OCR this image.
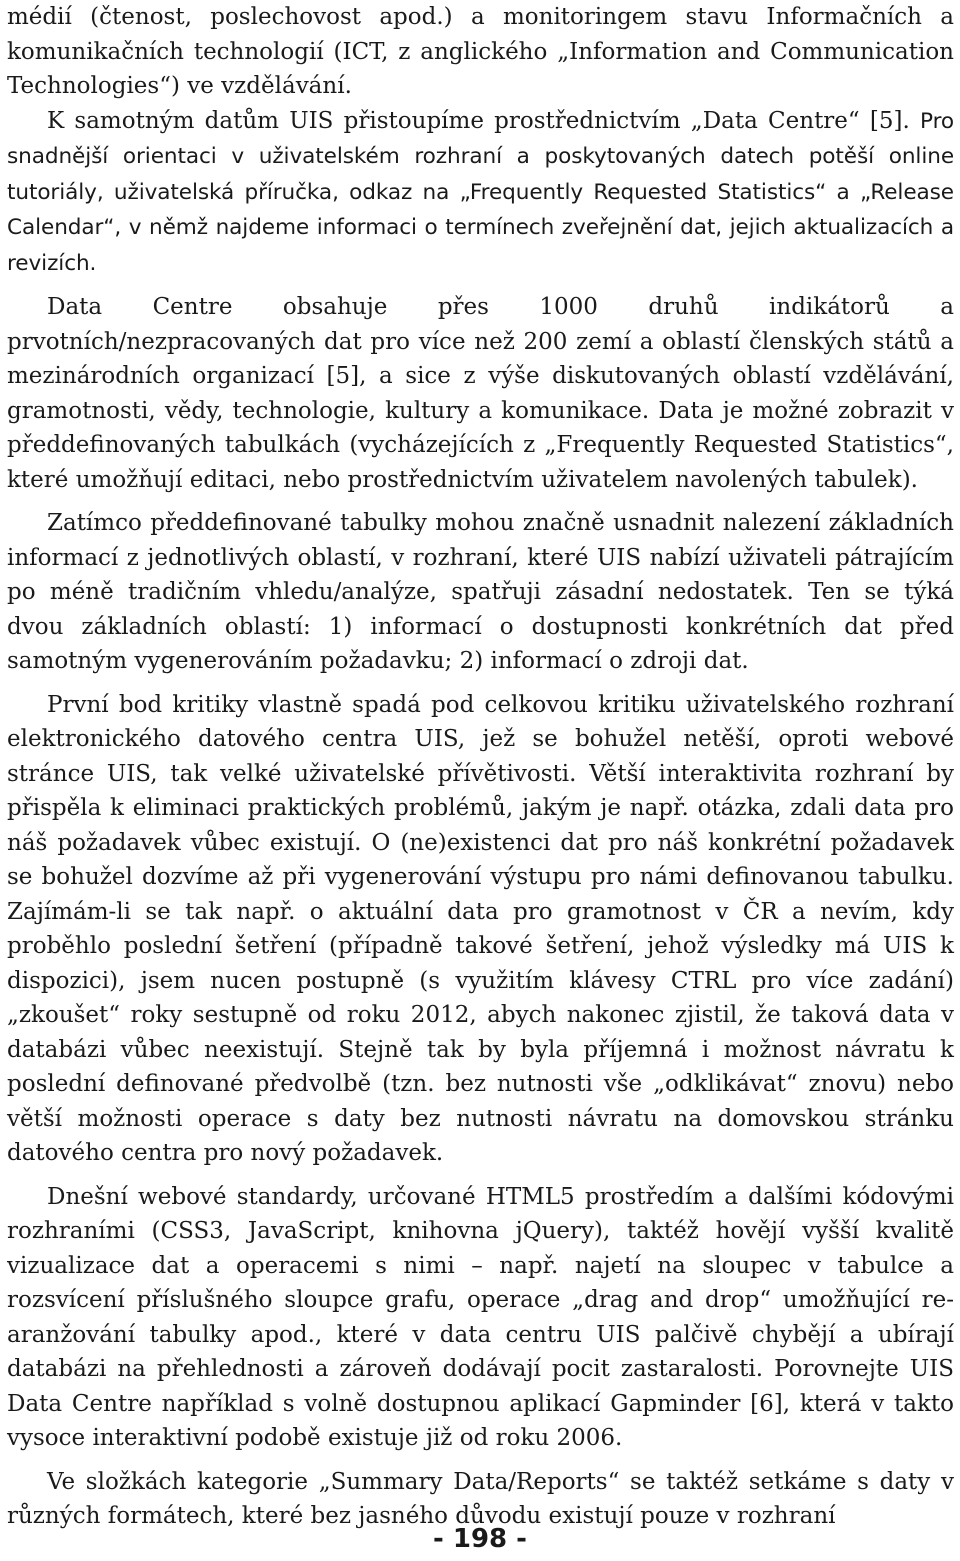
médií (čtenost, poslechovost apod.) a monitoringem stavu Informačních a komunikačních technologií (ICT, z anglického „Information and Communication Technologies“) ve vzdělávání.

K samotným datům UIS přistoupíme prostřednictvím „Data Centre“ [5]. Pro snadnější orientaci v uživatelském rozhraní a poskytovaných datech potěší online tutoriály, uživatelská příručka, odkaz na „Frequently Requested Statistics“ a „Release Calendar“, v němž najdeme informaci o termínech zveřejnění dat, jejich aktualizacích a revizích.

Data Centre obsahuje přes 1000 druhů indikátorů a prvotních/nezpracovaných dat pro více než 200 zemí a oblastí členských států a mezinárodních organizací [5], a sice z výše diskutovaných oblastí vzdělávání, gramotnosti, vědy, technologie, kultury a komunikace. Data je možné zobrazit v předdefinovaných tabulkách (vycházejících z „Frequently Requested Statistics“, které umožňují editaci, nebo prostřednictvím uživatelem navolených tabulek).

Zatímco předdefinované tabulky mohou značně usnadnit nalezení základních informací z jednotlivých oblastí, v rozhraní, které UIS nabízí uživateli pátrajícím po méně tradičním vhledu/analýze, spatřuji zásadní nedostatek. Ten se týká dvou základních oblastí: 1) informací o dostupnosti konkrétních dat před samotným vygenerováním požadavku; 2) informací o zdroji dat.

První bod kritiky vlastně spadá pod celkovou kritiku uživatelského rozhraní elektronického datového centra UIS, jež se bohužel netěší, oproti webové stránce UIS, tak velké uživatelské přívětivosti. Větší interaktivita rozhraní by přispěla k eliminaci praktických problémů, jakým je např. otázka, zdali data pro náš požadavek vůbec existují. O (ne)existenci dat pro náš konkrétní požadavek se bohužel dozvíme až při vygenerování výstupu pro námi definovanou tabulku. Zajímám-li se tak např. o aktuální data pro gramotnost v ČR a nevím, kdy proběhlo poslední šetření (případně takové šetření, jehož výsledky má UIS k dispozici), jsem nucen postupně (s využitím klávesy CTRL pro více zadání) „zkoušet“ roky sestupně od roku 2012, abych nakonec zjistil, že taková data v databázi vůbec neexistují. Stejně tak by byla příjemná i možnost návratu k poslední definované předvolbě (tzn. bez nutnosti vše „odklikávat“ znovu) nebo větší možnosti operace s daty bez nutnosti návratu na domovskou stránku datového centra pro nový požadavek.

Dnešní webové standardy, určované HTML5 prostředím a dalšími kódovými rozhraními (CSS3, JavaScript, knihovna jQuery), taktéž hovějí vyšší kvalitě vizualizace dat a operacemi s nimi – např. najetí na sloupec v tabulce a rozsvícení příslušného sloupce grafu, operace „drag and drop“ umožňující re-aranžování tabulky apod., které v data centru UIS palčivě chybějí a ubírají databázi na přehlednosti a zároveň dodávají pocit zastaralosti. Porovnejte UIS Data Centre například s volně dostupnou aplikací Gapminder [6], která v takto vysoce interaktivní podobě existuje již od roku 2006.

Ve složkách kategorie „Summary Data/Reports“ se taktéž setkáme s daty v různých formátech, které bez jasného důvodu existují pouze v rozhraní

- 198 -
